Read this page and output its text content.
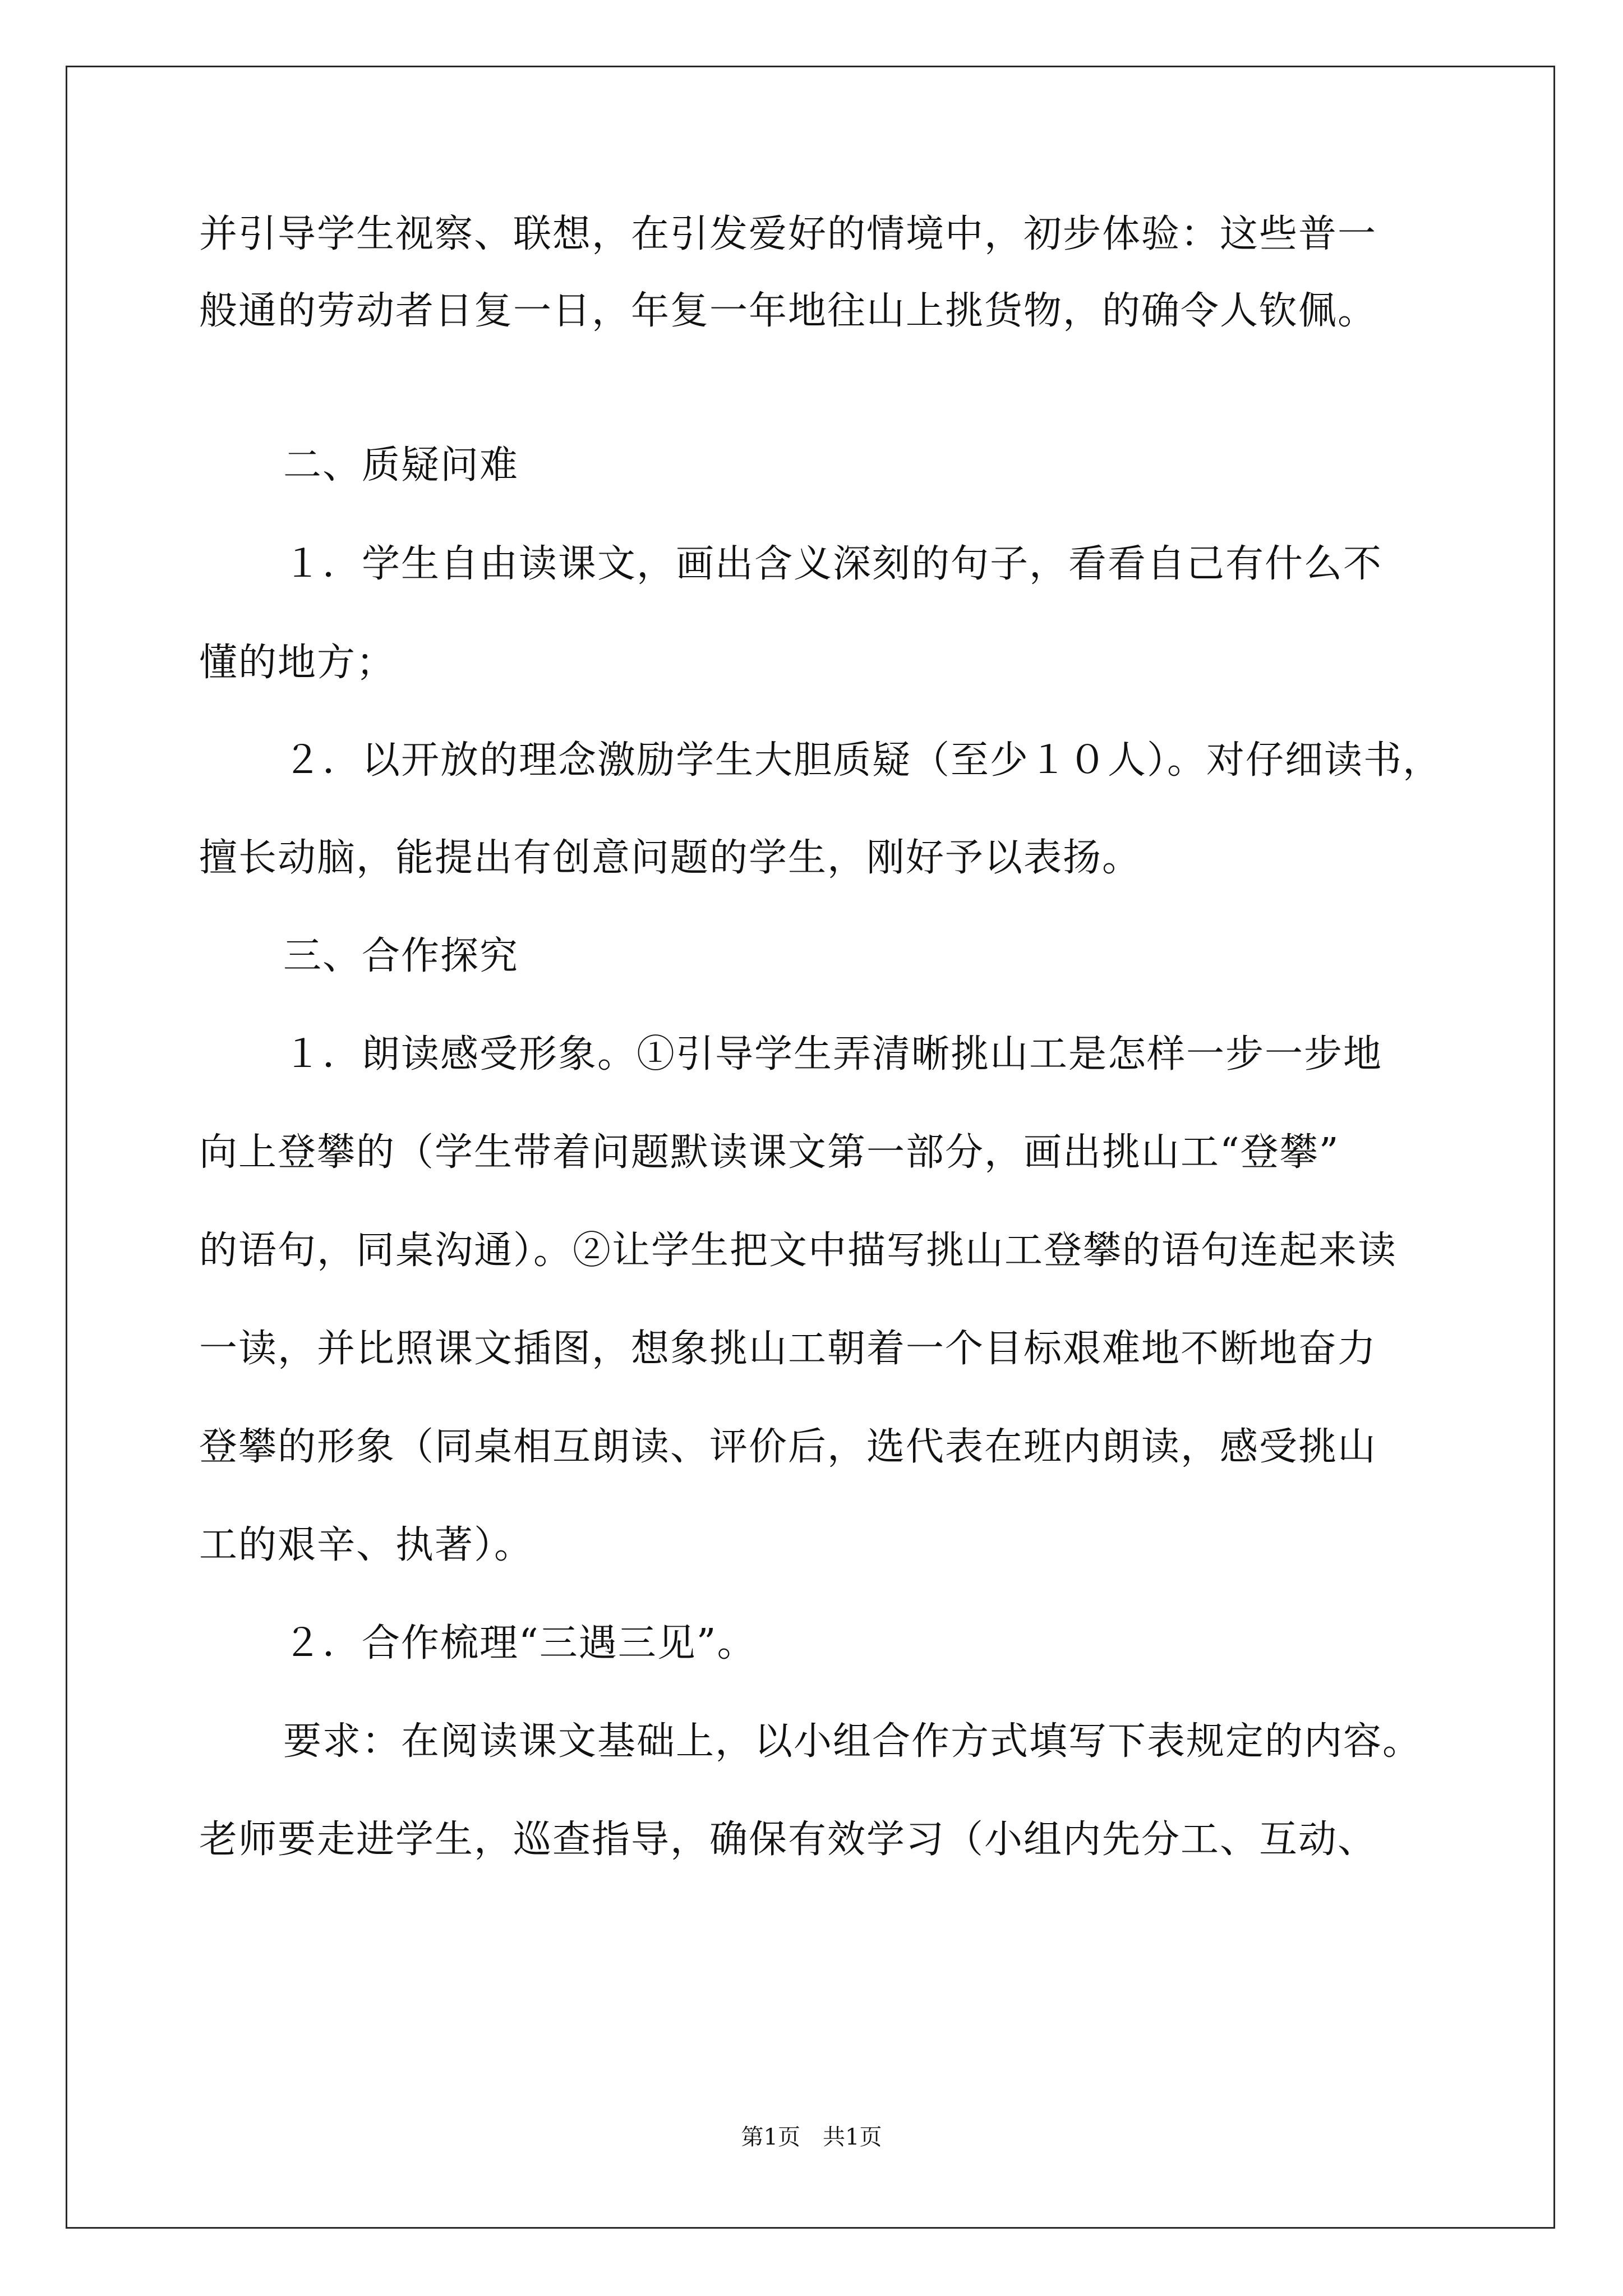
并引导学生视察、联想，在引发爱好的情境中，初步体验：这些普一
般通的劳动者日复一日，年复一年地往山上挑货物，的确令人钦佩。
二、质疑问难
１．学生自由读课文，画出含义深刻的句子，看看自己有什么不
懂的地方；
２．以开放的理念激励学生大胆质疑（至少１０人）。对仔细读书，
擅长动脑，能提出有创意问题的学生，刚好予以表扬。
三、合作探究
１．朗读感受形象。①引导学生弄清晰挑山工是怎样一步一步地
向上登攀的（学生带着问题默读课文第一部分，画出挑山工“登攀”
的语句，同桌沟通）。②让学生把文中描写挑山工登攀的语句连起来读
一读，并比照课文插图，想象挑山工朝着一个目标艰难地不断地奋力
登攀的形象（同桌相互朗读、评价后，选代表在班内朗读，感受挑山
工的艰辛、执著）。
２．合作梳理“三遇三见”。
要求：在阅读课文基础上，以小组合作方式填写下表规定的内容。
老师要走进学生，巡查指导，确保有效学习（小组内先分工、互动、
第1页　共1页
